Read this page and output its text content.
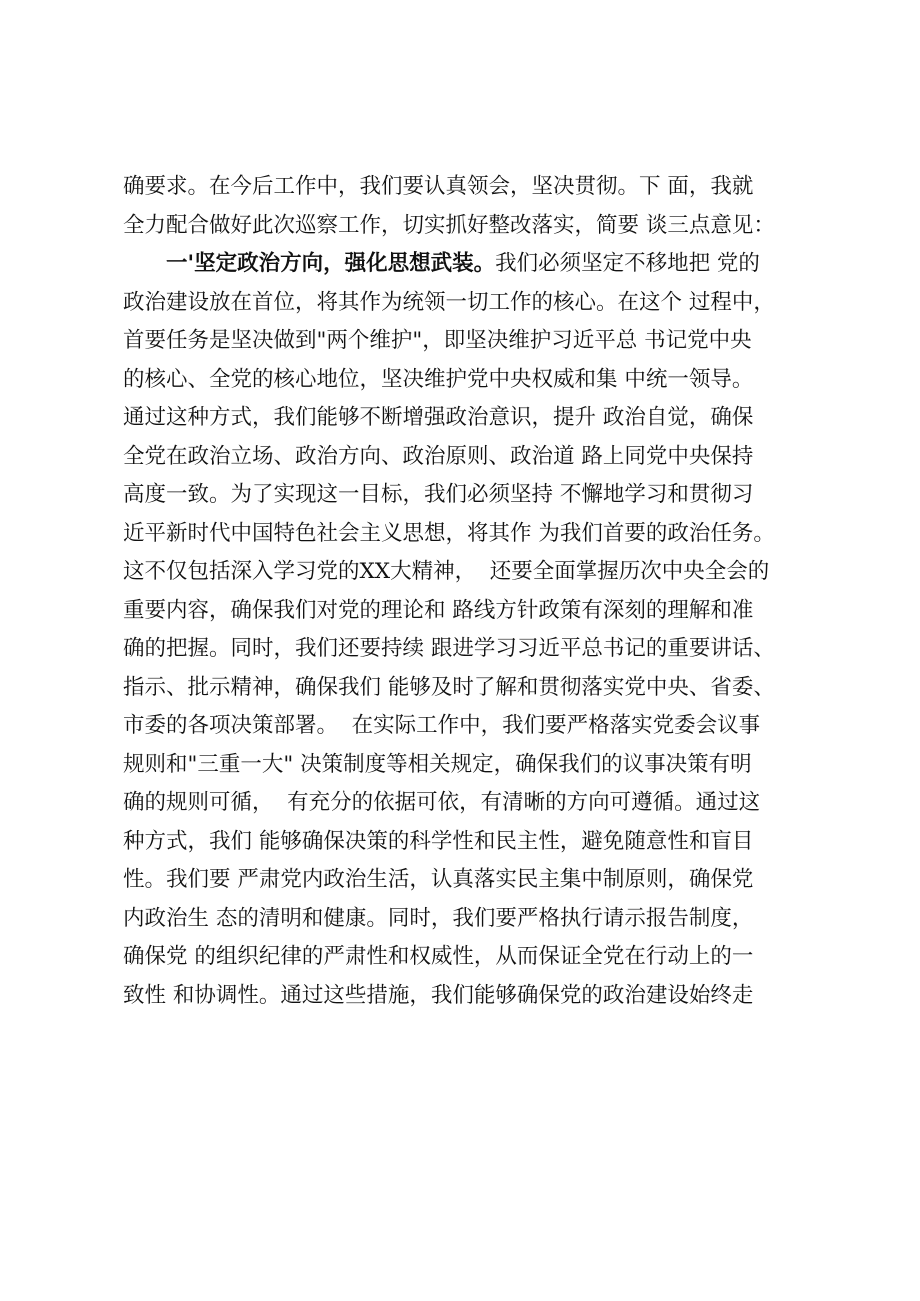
确要求。在今后工作中，我们要认真领会，坚决贯彻。下 面，我就
全力配合做好此次巡察工作，切实抓好整改落实，简要 谈三点意见：
一'坚定政治方向，强化思想武装。我们必须坚定不移地把 党的
政治建设放在首位，将其作为统领一切工作的核心。在这个 过程中，
首要任务是坚决做到"两个维护"，即坚决维护习近平总 书记党中央
的核心、全党的核心地位，坚决维护党中央权威和集 中统一领导。
通过这种方式，我们能够不断增强政治意识，提升 政治自觉，确保
全党在政治立场、政治方向、政治原则、政治道 路上同党中央保持
高度一致。为了实现这一目标，我们必须坚持 不懈地学习和贯彻习
近平新时代中国特色社会主义思想，将其作 为我们首要的政治任务。
这不仅包括深入学习党的XX大精神，  还要全面掌握历次中央全会的
重要内容，确保我们对党的理论和 路线方针政策有深刻的理解和准
确的把握。同时，我们还要持续 跟进学习习近平总书记的重要讲话、
指示、批示精神，确保我们 能够及时了解和贯彻落实党中央、省委、
市委的各项决策部署。  在实际工作中，我们要严格落实党委会议事
规则和"三重一大" 决策制度等相关规定，确保我们的议事决策有明
确的规则可循，  有充分的依据可依，有清晰的方向可遵循。通过这
种方式，我们 能够确保决策的科学性和民主性，避免随意性和盲目
性。我们要 严肃党内政治生活，认真落实民主集中制原则，确保党
内政治生 态的清明和健康。同时，我们要严格执行请示报告制度，
确保党 的组织纪律的严肃性和权威性，从而保证全党在行动上的一
致性 和协调性。通过这些措施，我们能够确保党的政治建设始终走
